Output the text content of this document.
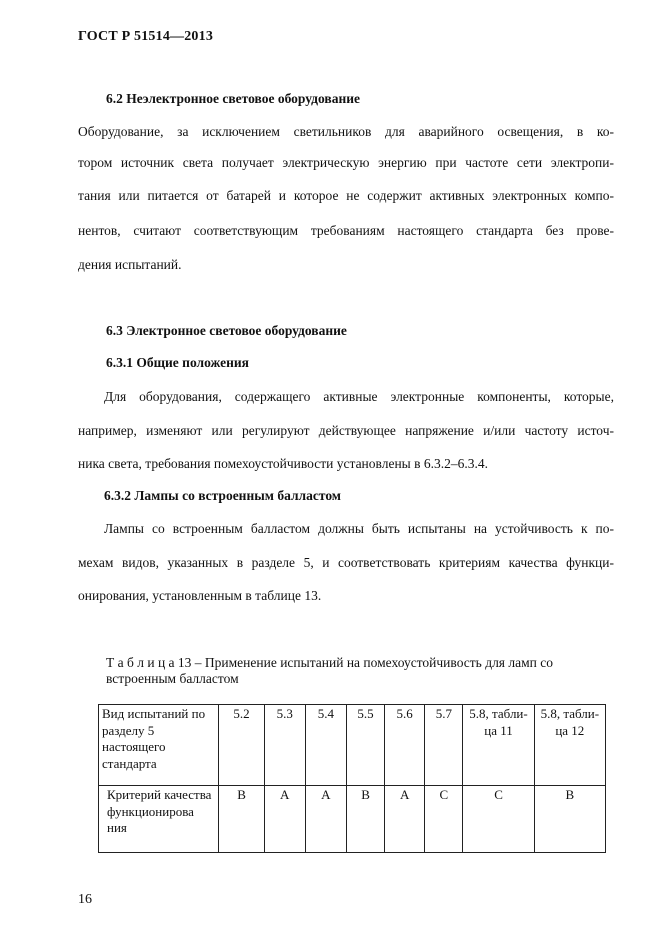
ГОСТ Р 51514—2013
6.2 Неэлектронное световое оборудование
Оборудование, за исключением светильников для аварийного освещения, в ко-
тором источник света получает электрическую энергию при частоте сети электропи-
тания или питается от батарей и которое не содержит активных электронных компо-
нентов, считают соответствующим требованиям настоящего стандарта без прове-
дения испытаний.
6.3 Электронное световое оборудование
6.3.1 Общие положения
Для оборудования, содержащего активные электронные компоненты, которые,
например, изменяют или регулируют действующее напряжение и/или частоту источ-
ника света, требования помехоустойчивости установлены в 6.3.2–6.3.4.
6.3.2 Лампы со встроенным балластом
Лампы со встроенным балластом должны быть испытаны на устойчивость к по-
мехам видов, указанных в разделе 5, и соответствовать критериям качества функци-
онирования, установленным в таблице 13.
Т а б л и ц а 13 – Применение испытаний на помехоустойчивость для ламп со встроенным балластом
Вид испытаний по разделу 5 настоящего стандарта	5.2	5.3	5.4	5.5	5.6	5.7	5.8, табли-ца 11	5.8, табли-ца 12
Критерий качества функционирова ния	B	A	A	B	A	C	C	B
16
